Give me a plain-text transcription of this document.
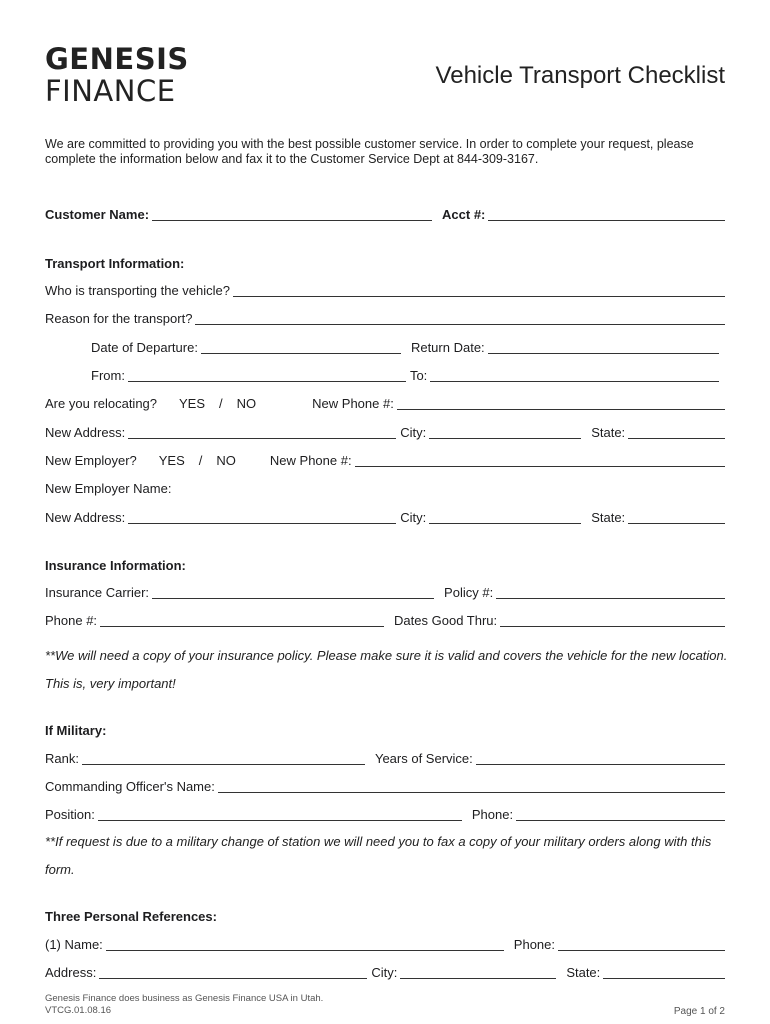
GENESIS
FINANCE	Vehicle Transport Checklist
We are committed to providing you with the best possible customer service. In order to complete your request, please complete the information below and fax it to the Customer Service Dept at 844-309-3167.
Customer Name:	Acct #:
Transport Information:
Who is transporting the vehicle?
Reason for the transport?
Date of Departure:	Return Date:
From:	To:
Are you relocating? YES / NO	New Phone #:
New Address:	City:	State:
New Employer? YES / NO	New Phone #:
New Employer Name:
New Address:	City:	State:
Insurance Information:
Insurance Carrier:	Policy #:
Phone #:	Dates Good Thru:
**We will need a copy of your insurance policy. Please make sure it is valid and covers the vehicle for the new location. This is, very important!
If Military:
Rank:	Years of Service:
Commanding Officer's Name:
Position:	Phone:
**If request is due to a military change of station we will need you to fax a copy of your military orders along with this form.
Three Personal References:
(1) Name:	Phone:
Address:	City:	State:
Genesis Finance does business as Genesis Finance USA in Utah.
VTCG.01.08.16	Page 1 of 2
